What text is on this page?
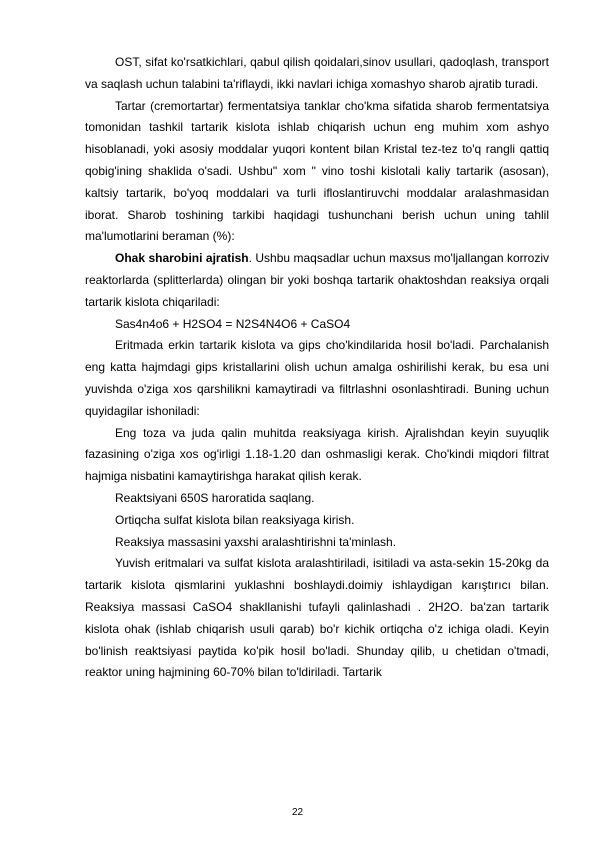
OST, sifat ko'rsatkichlari, qabul qilish qoidalari,sinov usullari, qadoqlash, transport va saqlash uchun talabini ta'riflaydi, ikki navlari ichiga xomashyo sharob ajratib turadi.

Tartar (cremortartar) fermentatsiya tanklar cho'kma sifatida sharob fermentatsiya tomonidan tashkil tartarik kislota ishlab chiqarish uchun eng muhim xom ashyo hisoblanadi, yoki asosiy moddalar yuqori kontent bilan Kristal tez-tez to'q rangli qattiq qobig'ining shaklida o'sadi. Ushbu" xom " vino toshi kislotali kaliy tartarik (asosan), kaltsiy tartarik, bo'yoq moddalari va turli ifloslantiruvchi moddalar aralashmasidan iborat. Sharob toshining tarkibi haqidagi tushunchani berish uchun uning tahlil ma'lumotlarini beraman (%):

Ohak sharobini ajratish. Ushbu maqsadlar uchun maxsus mo'ljallangan korroziv reaktorlarda (splitterlarda) olingan bir yoki boshqa tartarik ohaktoshdan reaksiya orqali tartarik kislota chiqariladi:

Sas4n4o6 + H2SO4 = N2S4N4O6 + CaSO4

Eritmada erkin tartarik kislota va gips cho'kindilarida hosil bo'ladi. Parchalanish eng katta hajmdagi gips kristallarini olish uchun amalga oshirilishi kerak, bu esa uni yuvishda o'ziga xos qarshilikni kamaytiradi va filtrlashni osonlashtiradi. Buning uchun quyidagilar ishoniladi:

Eng toza va juda qalin muhitda reaksiyaga kirish. Ajralishdan keyin suyuqlik fazasining o'ziga xos og'irligi 1.18-1.20 dan oshmasligi kerak. Cho'kindi miqdori filtrat hajmiga nisbatini kamaytirishga harakat qilish kerak.

Reaktsiyani 650S haroratida saqlang.

Ortiqcha sulfat kislota bilan reaksiyaga kirish.

Reaksiya massasini yaxshi aralashtirishni ta'minlash.

Yuvish eritmalari va sulfat kislota aralashtiriladi, isitiladi va asta-sekin 15-20kg da tartarik kislota qismlarini yuklashni boshlaydi.doimiy ishlaydigan karıştırıcı bilan. Reaksiya massasi CaSO4 shakllanishi tufayli qalinlashadi . 2H2O. ba'zan tartarik kislota ohak (ishlab chiqarish usuli qarab) bo'r kichik ortiqcha o'z ichiga oladi. Keyin bo'linish reaktsiyasi paytida ko'pik hosil bo'ladi. Shunday qilib, u chetidan o'tmadi, reaktor uning hajmining 60-70% bilan to'ldiriladi. Tartarik

22
